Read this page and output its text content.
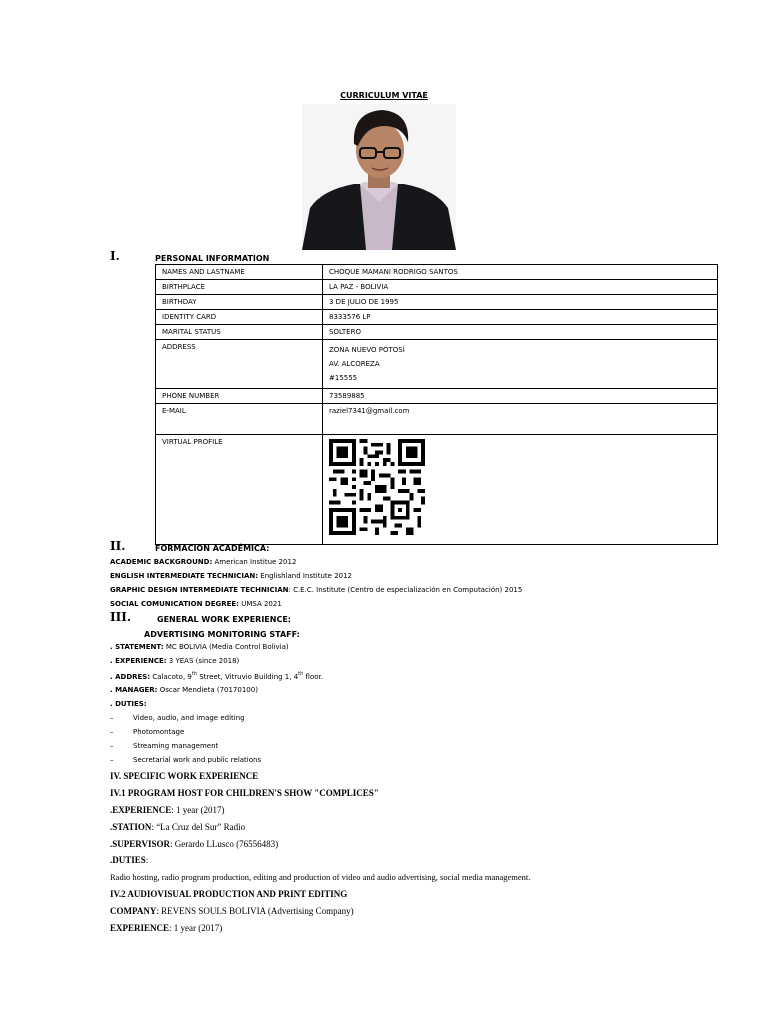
CURRICULUM VITAE
I.	PERSONAL INFORMATION
NAMES AND LASTNAME	CHOQUE MAMANI RODRIGO SANTOS
BIRTHPLACE	LA PAZ - BOLIVIA
BIRTHDAY	3 DE JULIO DE 1995
IDENTITY CARD	8333576 LP
MARITAL STATUS	SOLTERO
ADDRESS	ZONA NUEVO POTOSÍ
AV. ALCOREZA
#15555

PHONE NUMBER	73589885
E-MAIL	raziel7341@gmail.com
VIRTUAL PROFILE	
II.	FORMACION ACADÉMICA:
ACADEMIC BACKGROUND: American Institue 2012
ENGLISH INTERMEDIATE TECHNICIAN: Englishland Institute 2012
GRAPHIC DESIGN INTERMEDIATE TECHNICIAN: C.E.C. Institute (Centro de especialización en Computación) 2015
SOCIAL COMUNICATION DEGREE: UMSA 2021
III.	GENERAL WORK EXPERIENCE:
ADVERTISING MONITORING STAFF:
. STATEMENT: MC BOLIVIA (Media Control Bolivia)
. EXPERIENCE: 3 YEAS (since 2018)
. ADDRES: Calacoto, 9th Street, Vitruvio Building 1, 4th floor.
. MANAGER: Oscar Mendieta (70170100)
. DUTIES:
–	Video, audio, and image editing
–	Photomontage
–	Streaming management
–	Secretarial work and public relations
IV. SPECIFIC WORK EXPERIENCE
IV.1 PROGRAM HOST FOR CHILDREN'S SHOW "COMPLICES"
.EXPERIENCE: 1 year (2017)
.STATION: “La Cruz del Sur” Radio
.SUPERVISOR: Gerardo LLusco (76556483)
.DUTIES:
Radio hosting, radio program production, editing and production of video and audio advertising, social media management.
IV.2 AUDIOVISUAL PRODUCTION AND PRINT EDITING
COMPANY: REVENS SOULS BOLIVIA (Advertising Company)
EXPERIENCE: 1 year (2017)
